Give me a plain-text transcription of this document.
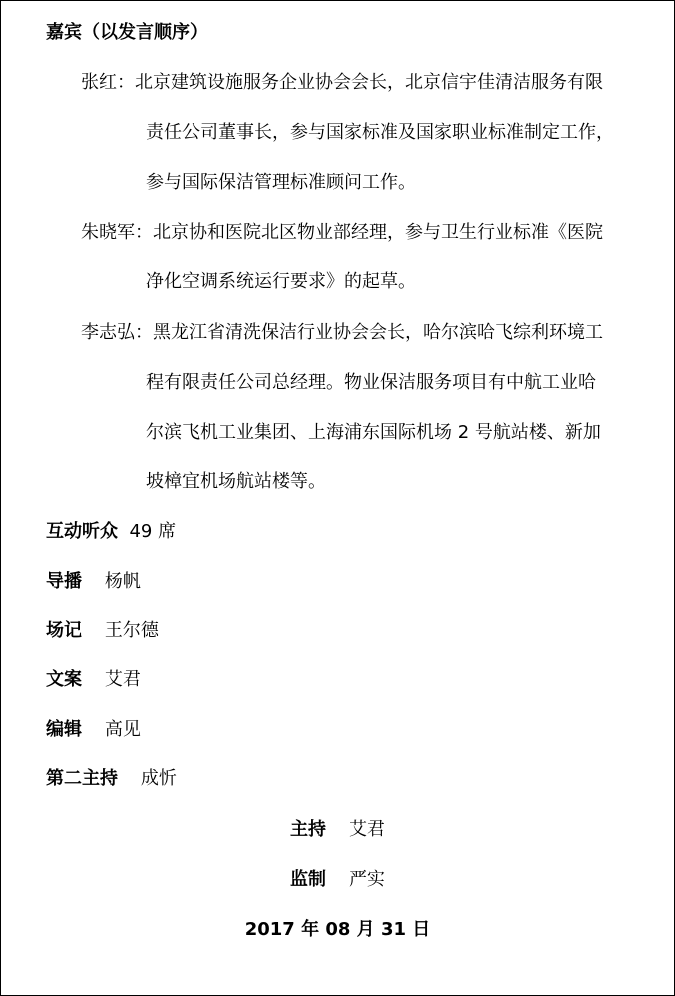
嘉宾（以发言顺序）
张红：北京建筑设施服务企业协会会长，北京信宇佳清洁服务有限
责任公司董事长，参与国家标准及国家职业标准制定工作，
参与国际保洁管理标准顾问工作。
朱晓军：北京协和医院北区物业部经理，参与卫生行业标准《医院
净化空调系统运行要求》的起草。
李志弘：黑龙江省清洗保洁行业协会会长，哈尔滨哈飞综利环境工
程有限责任公司总经理。物业保洁服务项目有中航工业哈
尔滨飞机工业集团、上海浦东国际机场 2 号航站楼、新加
坡樟宜机场航站楼等。
互动听众 49 席
导播 杨帆
场记 王尔德
文案 艾君
编辑 高见
第二主持 成忻
主持 艾君
监制 严实
2017 年 08 月 31 日
